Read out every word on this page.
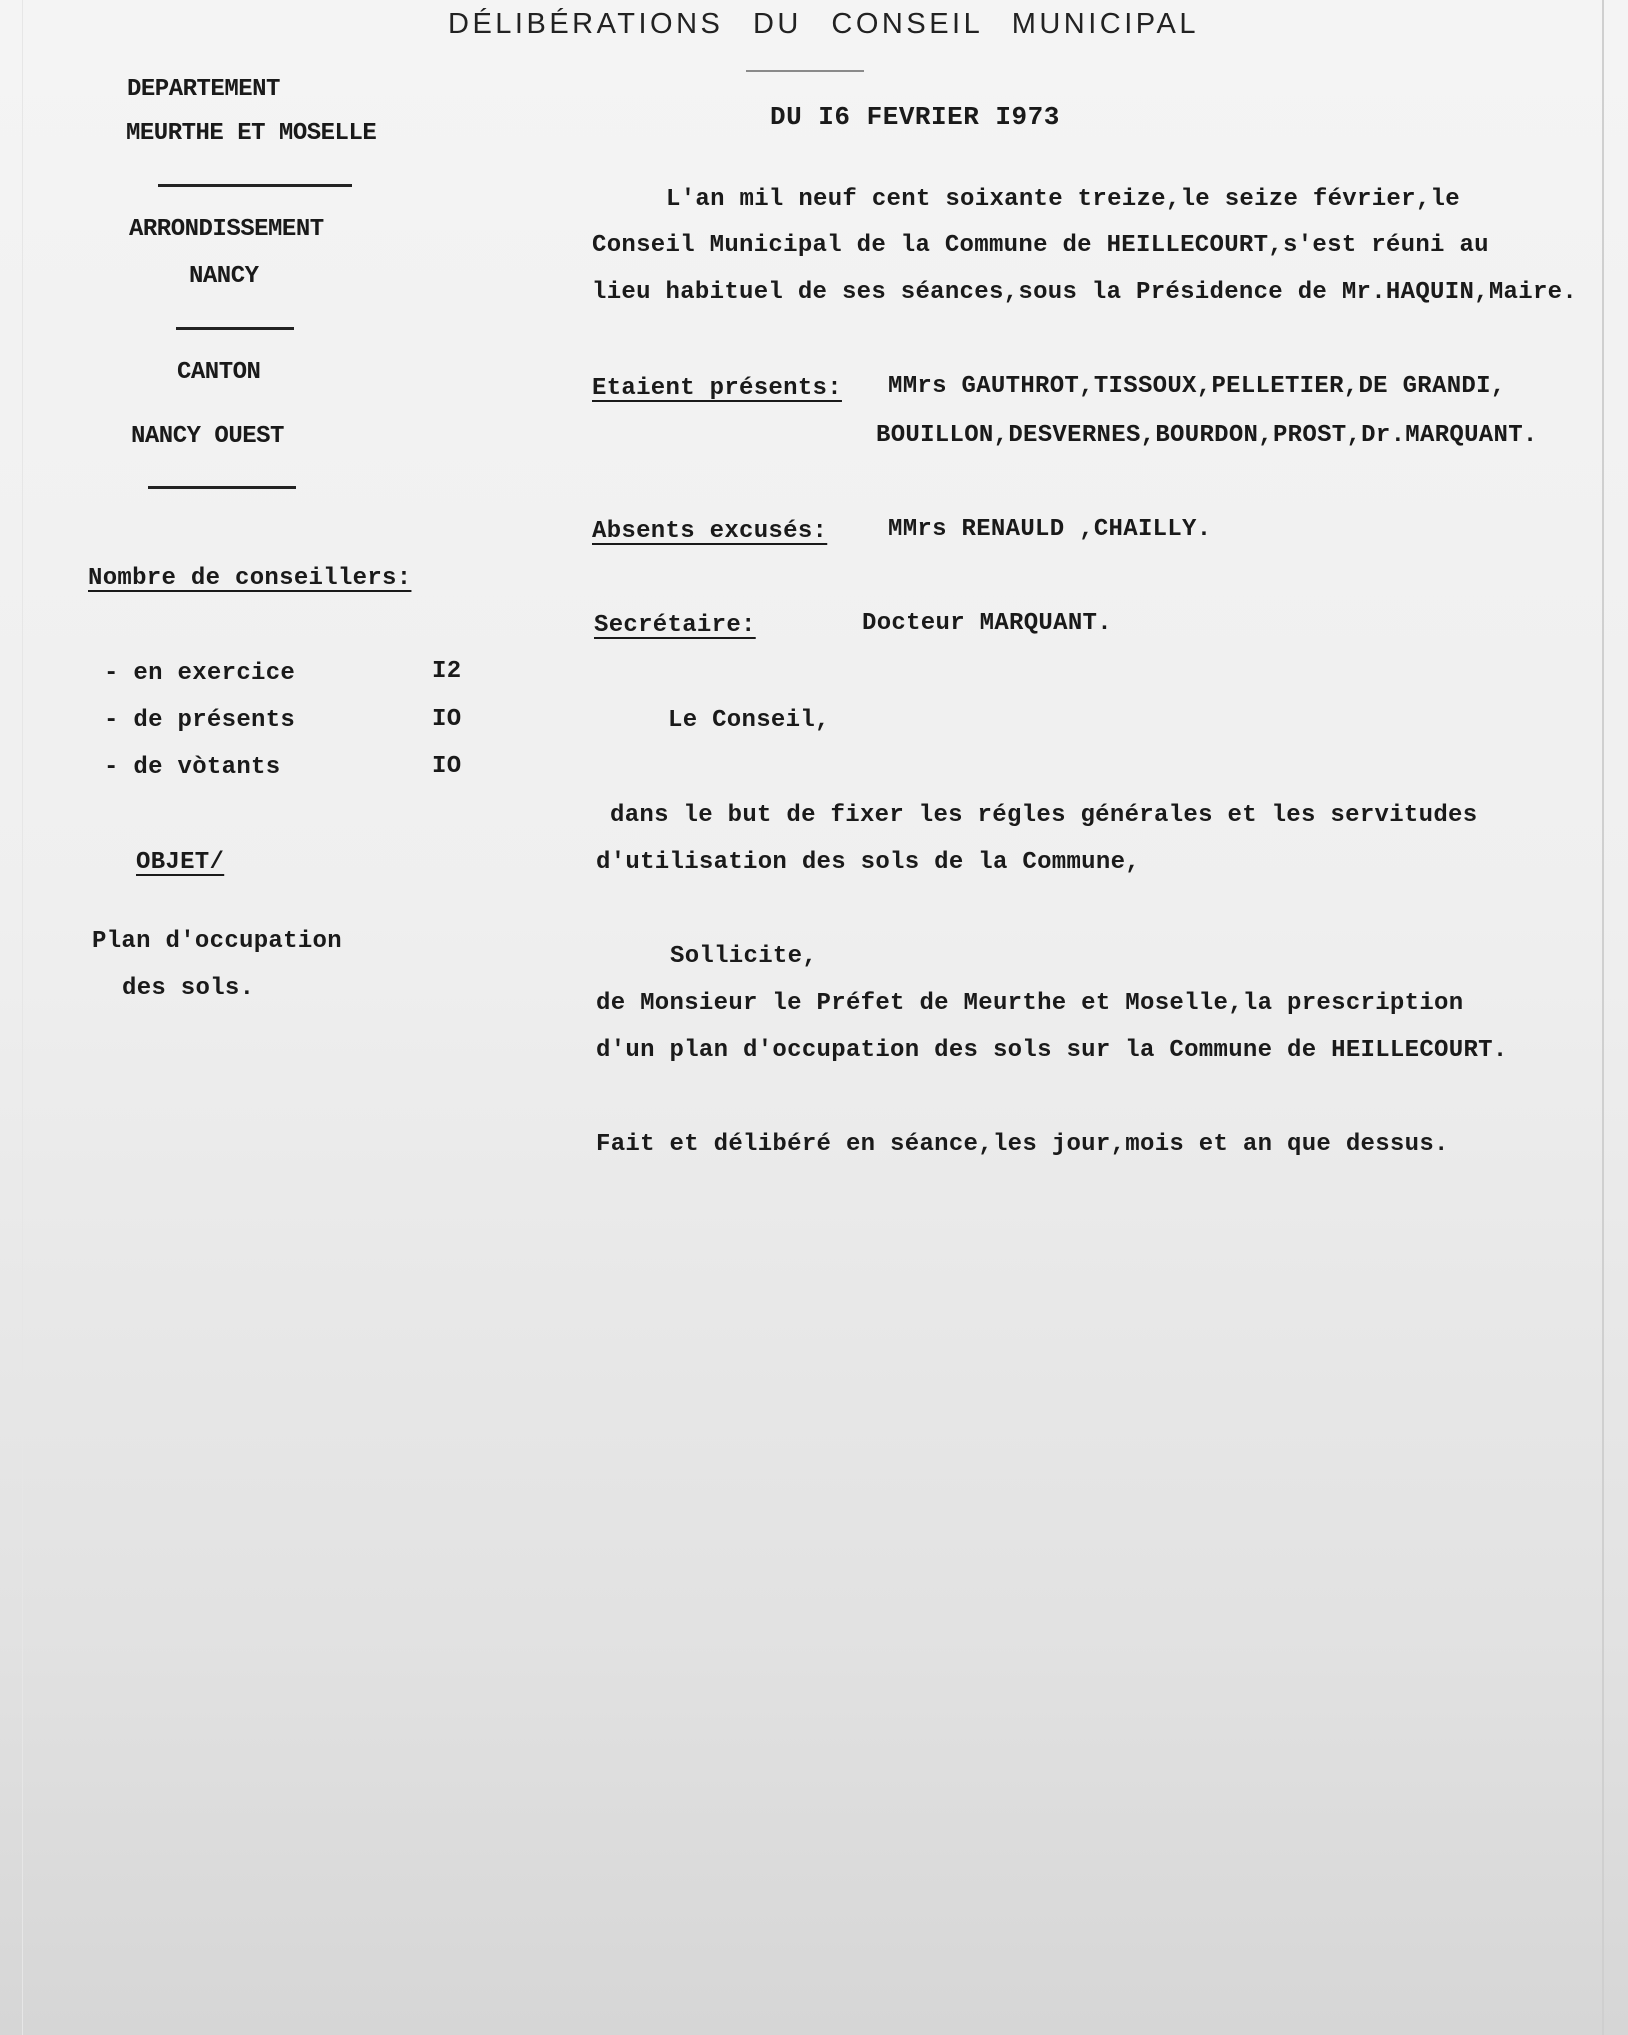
DÉLIBÉRATIONS DU CONSEIL MUNICIPAL
DU I6 FEVRIER I973
DEPARTEMENT
MEURTHE ET MOSELLE
ARRONDISSEMENT
NANCY
CANTON
NANCY OUEST
Nombre de conseillers:
- en exercice	I2
- de présents	IO
- de vòtants	IO
OBJET/
Plan d'occupation
des sols.
L'an mil neuf cent soixante treize,le seize février,le
Conseil Municipal de la Commune de HEILLECOURT,s'est réuni au
lieu habituel de ses séances,sous la Présidence de Mr.HAQUIN,Maire.
Etaient présents: MMrs GAUTHROT,TISSOUX,PELLETIER,DE GRANDI,
BOUILLON,DESVERNES,BOURDON,PROST,Dr.MARQUANT.
Absents excusés:	MMrs RENAULD ,CHAILLY.
Secrétaire:	Docteur MARQUANT.
Le Conseil,
dans le but de fixer les régles générales et les servitudes
d'utilisation des sols de la Commune,
Sollicite,
de Monsieur le Préfet de Meurthe et Moselle,la prescription
d'un plan d'occupation des sols sur la Commune de HEILLECOURT.
Fait et délibéré en séance,les jour,mois et an que dessus.
